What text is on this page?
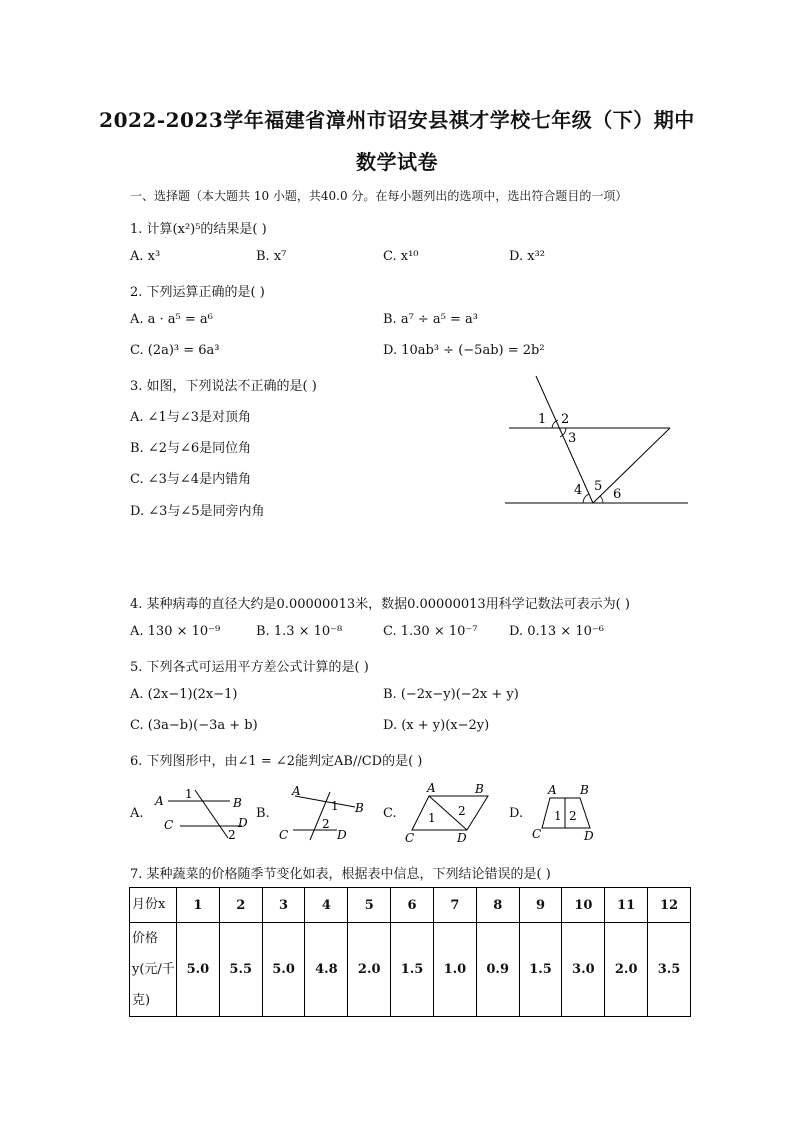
2022-2023学年福建省漳州市诏安县祺才学校七年级（下）期中
数学试卷
一、选择题（本大题共 10 小题，共40.0 分。在每小题列出的选项中，选出符合题目的一项）
1. 计算(x²)⁵的结果是( )
A. x³	B. x⁷	C. x¹⁰	D. x³²
2. 下列运算正确的是( )
A. a · a⁵ = a⁶	B. a⁷ ÷ a⁵ = a³
C. (2a)³ = 6a³	D. 10ab³ ÷ (−5ab) = 2b²
3. 如图，下列说法不正确的是( )
A. ∠1与∠3是对顶角
B. ∠2与∠6是同位角
C. ∠3与∠4是内错角
D. ∠3与∠5是同旁内角
1 2
3
4 5
6
4. 某种病毒的直径大约是0.00000013米，数据0.00000013用科学记数法可表示为( )
A. 130 × 10⁻⁹	B. 1.3 × 10⁻⁸	C. 1.30 × 10⁻⁷ D. 0.13 × 10⁻⁶
5. 下列各式可运用平方差公式计算的是( )
A. (2x−1)(2x−1)	B. (−2x−y)(−2x + y)
C. (3a−b)(−3a + b)	D. (x + y)(x−2y)
6. 下列图形中，由∠1 = ∠2能判定AB//CD的是( )
A.	B.	C.	D.
A	B
C	D
1
2
A
B
C	D
1
2
A	B
C	D
1 2
A B
C	D
1 2
7. 某种蔬菜的价格随季节变化如表，根据表中信息，下列结论错误的是( )
月份x	1	2	3	4	5	6	7	8	9	10	11	12
价格y(元/千克)	5.0	5.5	5.0	4.8	2.0	1.5	1.0	0.9	1.5	3.0	2.0	3.5
